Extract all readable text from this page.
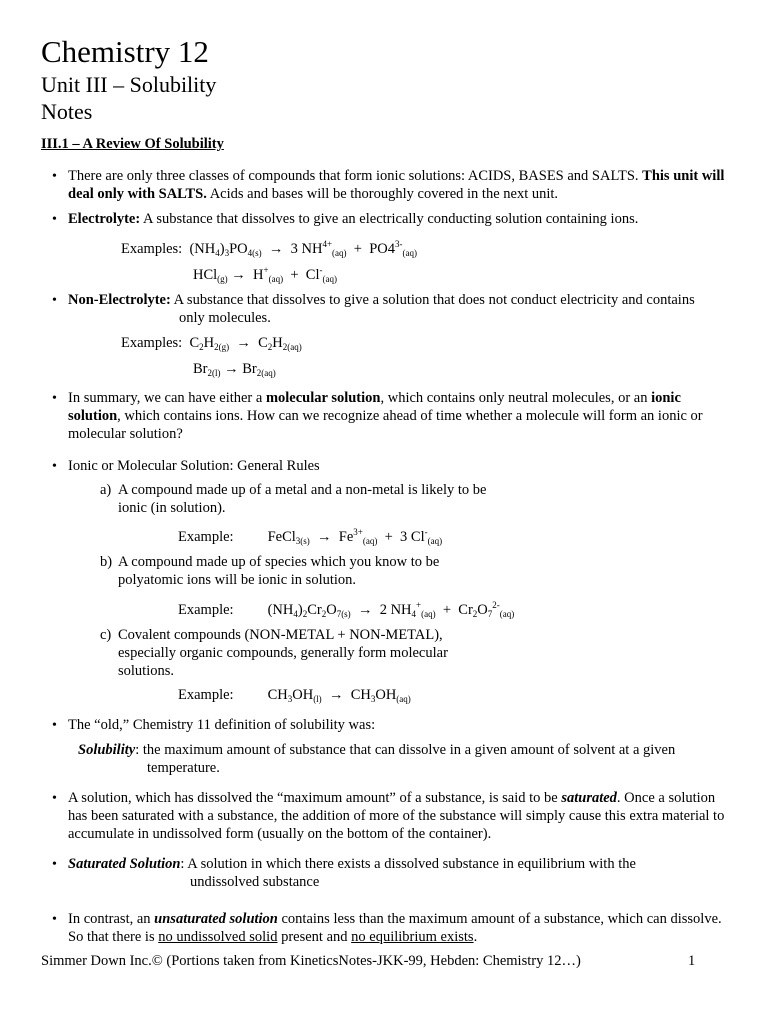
Chemistry 12
Unit III – Solubility
Notes
III.1 – A Review Of Solubility
• There are only three classes of compounds that form ionic solutions: ACIDS, BASES and SALTS. This unit will deal only with SALTS. Acids and bases will be thoroughly covered in the next unit.
• Electrolyte: A substance that dissolves to give an electrically conducting solution containing ions.
Examples:  $(NH_4)_3PO_{4(s)} \to 3$ $NH^{4+}_{(aq)} + PO4^{3-}_{(aq)}$
$HCl_{(g)} \to H^+_{(aq)} + Cl^-_{(aq)}$
• Non-Electrolyte: A substance that dissolves to give a solution that does not conduct electricity and contains
only molecules.
Examples:  $C_2H_{2(g)} \to C_2H_{2(aq)}$
$Br_{2(l)} \to Br_{2(aq)}$
• In summary, we can have either a molecular solution, which contains only neutral molecules, or an ionic solution, which contains ions. How can we recognize ahead of time whether a molecule will form an ionic or molecular solution?
• Ionic or Molecular Solution: General Rules
a) A compound made up of a metal and a non-metal is likely to be ionic (in solution).
Example: FeCl$_{3(s)}$  →  $Fe^{3+}_{(aq)} + 3$ $Cl^-_{(aq)}$
b) A compound made up of species which you know to be polyatomic ions will be ionic in solution.
Example: $(NH_4)_2Cr_2O_{7(s)} \to 2$ $NH_4^+_{(aq)} + Cr_2O_7^{2-}_{(aq)}$
c) Covalent compounds (NON-METAL + NON-METAL), especially organic compounds, generally form molecular solutions.
Example: $CH_3OH_{(l)} \to CH_3OH_{(aq)}$
• The “old,” Chemistry 11 definition of solubility was:
Solubility: the maximum amount of substance that can dissolve in a given amount of solvent at a given
temperature.
• A solution, which has dissolved the “maximum amount” of a substance, is said to be saturated. Once a solution has been saturated with a substance, the addition of more of the substance will simply cause this extra material to accumulate in undissolved form (usually on the bottom of the container).
• Saturated Solution: A solution in which there exists a dissolved substance in equilibrium with the
undissolved substance
• In contrast, an unsaturated solution contains less than the maximum amount of a substance, which can dissolve. So that there is no undissolved solid present and no equilibrium exists.
Simmer Down Inc.© (Portions taken from KineticsNotes-JKK-99, Hebden: Chemistry 12…)	1
